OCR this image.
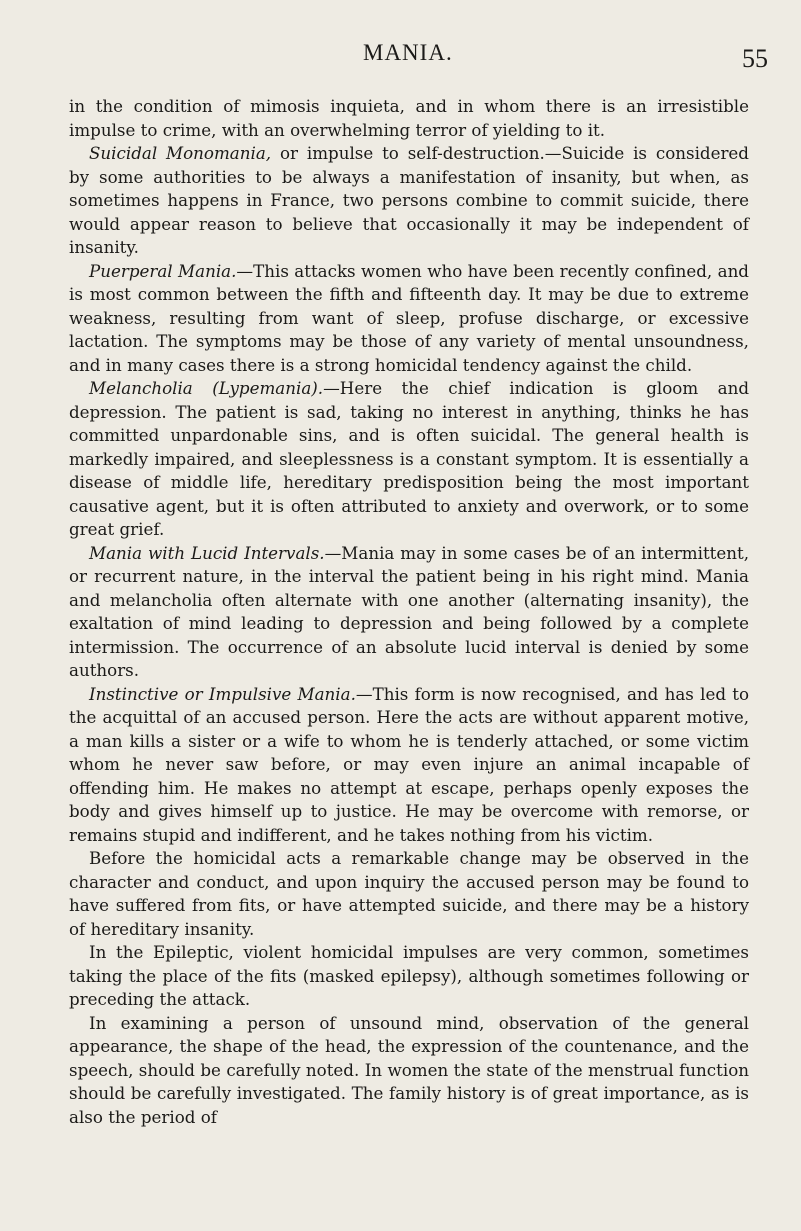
MANIA.	55

in the condition of mimosis inquieta, and in whom there is an irresistible impulse to crime, with an overwhelming terror of yielding to it.

Suicidal Monomania, or impulse to self-destruction.—Suicide is considered by some authorities to be always a manifestation of insanity, but when, as sometimes happens in France, two persons combine to commit suicide, there would appear reason to believe that occasionally it may be independent of insanity.

Puerperal Mania.—This attacks women who have been recently confined, and is most common between the fifth and fifteenth day. It may be due to extreme weakness, resulting from want of sleep, profuse discharge, or excessive lactation. The symptoms may be those of any variety of mental unsoundness, and in many cases there is a strong homicidal tendency against the child.

Melancholia (Lypemania).—Here the chief indication is gloom and depression. The patient is sad, taking no interest in anything, thinks he has committed unpardonable sins, and is often suicidal. The general health is markedly impaired, and sleeplessness is a constant symptom. It is essentially a disease of middle life, hereditary predisposition being the most important causative agent, but it is often attributed to anxiety and overwork, or to some great grief.

Mania with Lucid Intervals.—Mania may in some cases be of an intermittent, or recurrent nature, in the interval the patient being in his right mind. Mania and melancholia often alternate with one another (alternating insanity), the exaltation of mind leading to depression and being followed by a complete intermission. The occurrence of an absolute lucid interval is denied by some authors.

Instinctive or Impulsive Mania.—This form is now recognised, and has led to the acquittal of an accused person. Here the acts are without apparent motive, a man kills a sister or a wife to whom he is tenderly attached, or some victim whom he never saw before, or may even injure an animal incapable of offending him. He makes no attempt at escape, perhaps openly exposes the body and gives himself up to justice. He may be overcome with remorse, or remains stupid and indifferent, and he takes nothing from his victim.

Before the homicidal acts a remarkable change may be observed in the character and conduct, and upon inquiry the accused person may be found to have suffered from fits, or have attempted suicide, and there may be a history of hereditary insanity.

In the Epileptic, violent homicidal impulses are very common, sometimes taking the place of the fits (masked epilepsy), although sometimes following or preceding the attack.

In examining a person of unsound mind, observation of the general appearance, the shape of the head, the expression of the countenance, and the speech, should be carefully noted. In women the state of the menstrual function should be carefully investigated. The family history is of great importance, as is also the period of
